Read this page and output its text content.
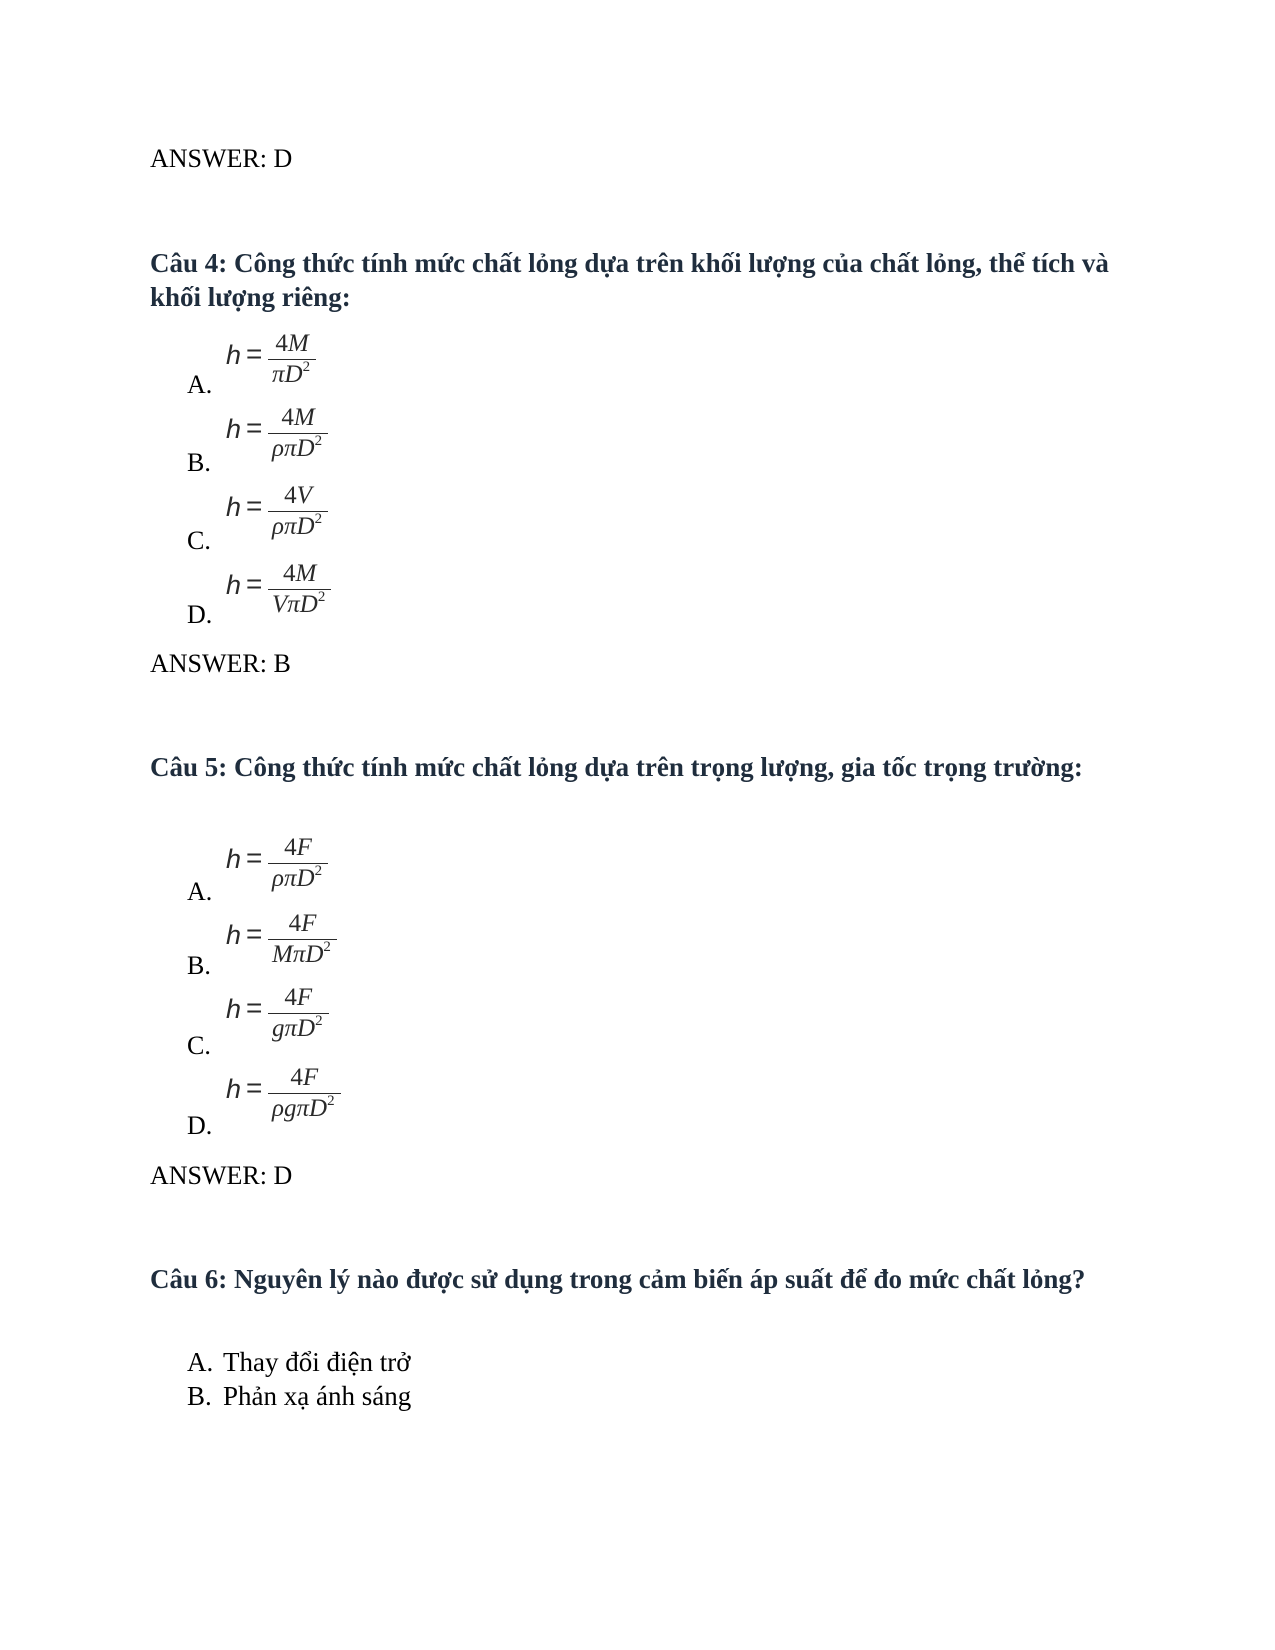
ANSWER: D
Câu 4: Công thức tính mức chất lỏng dựa trên khối lượng của chất lỏng, thể tích và khối lượng riêng:
A.
h = 4M
$\pi D^2$
B.
h = 4M
ρπD$^2$
C.
h = 4V
ρπD$^2$
D.
h = 4M
VπD$^2$
ANSWER: B
Câu 5: Công thức tính mức chất lỏng dựa trên trọng lượng, gia tốc trọng trường:
A.
h = 4F
ρπD$^2$
B.
h =	4F
MπD$^2$
C.
h = 4F
gπD$^2$
D.
h =	4F
ρgπD$^2$
ANSWER: D
Câu 6: Nguyên lý nào được sử dụng trong cảm biến áp suất để đo mức chất lỏng?
A. Thay đổi điện trở
B. Phản xạ ánh sáng
